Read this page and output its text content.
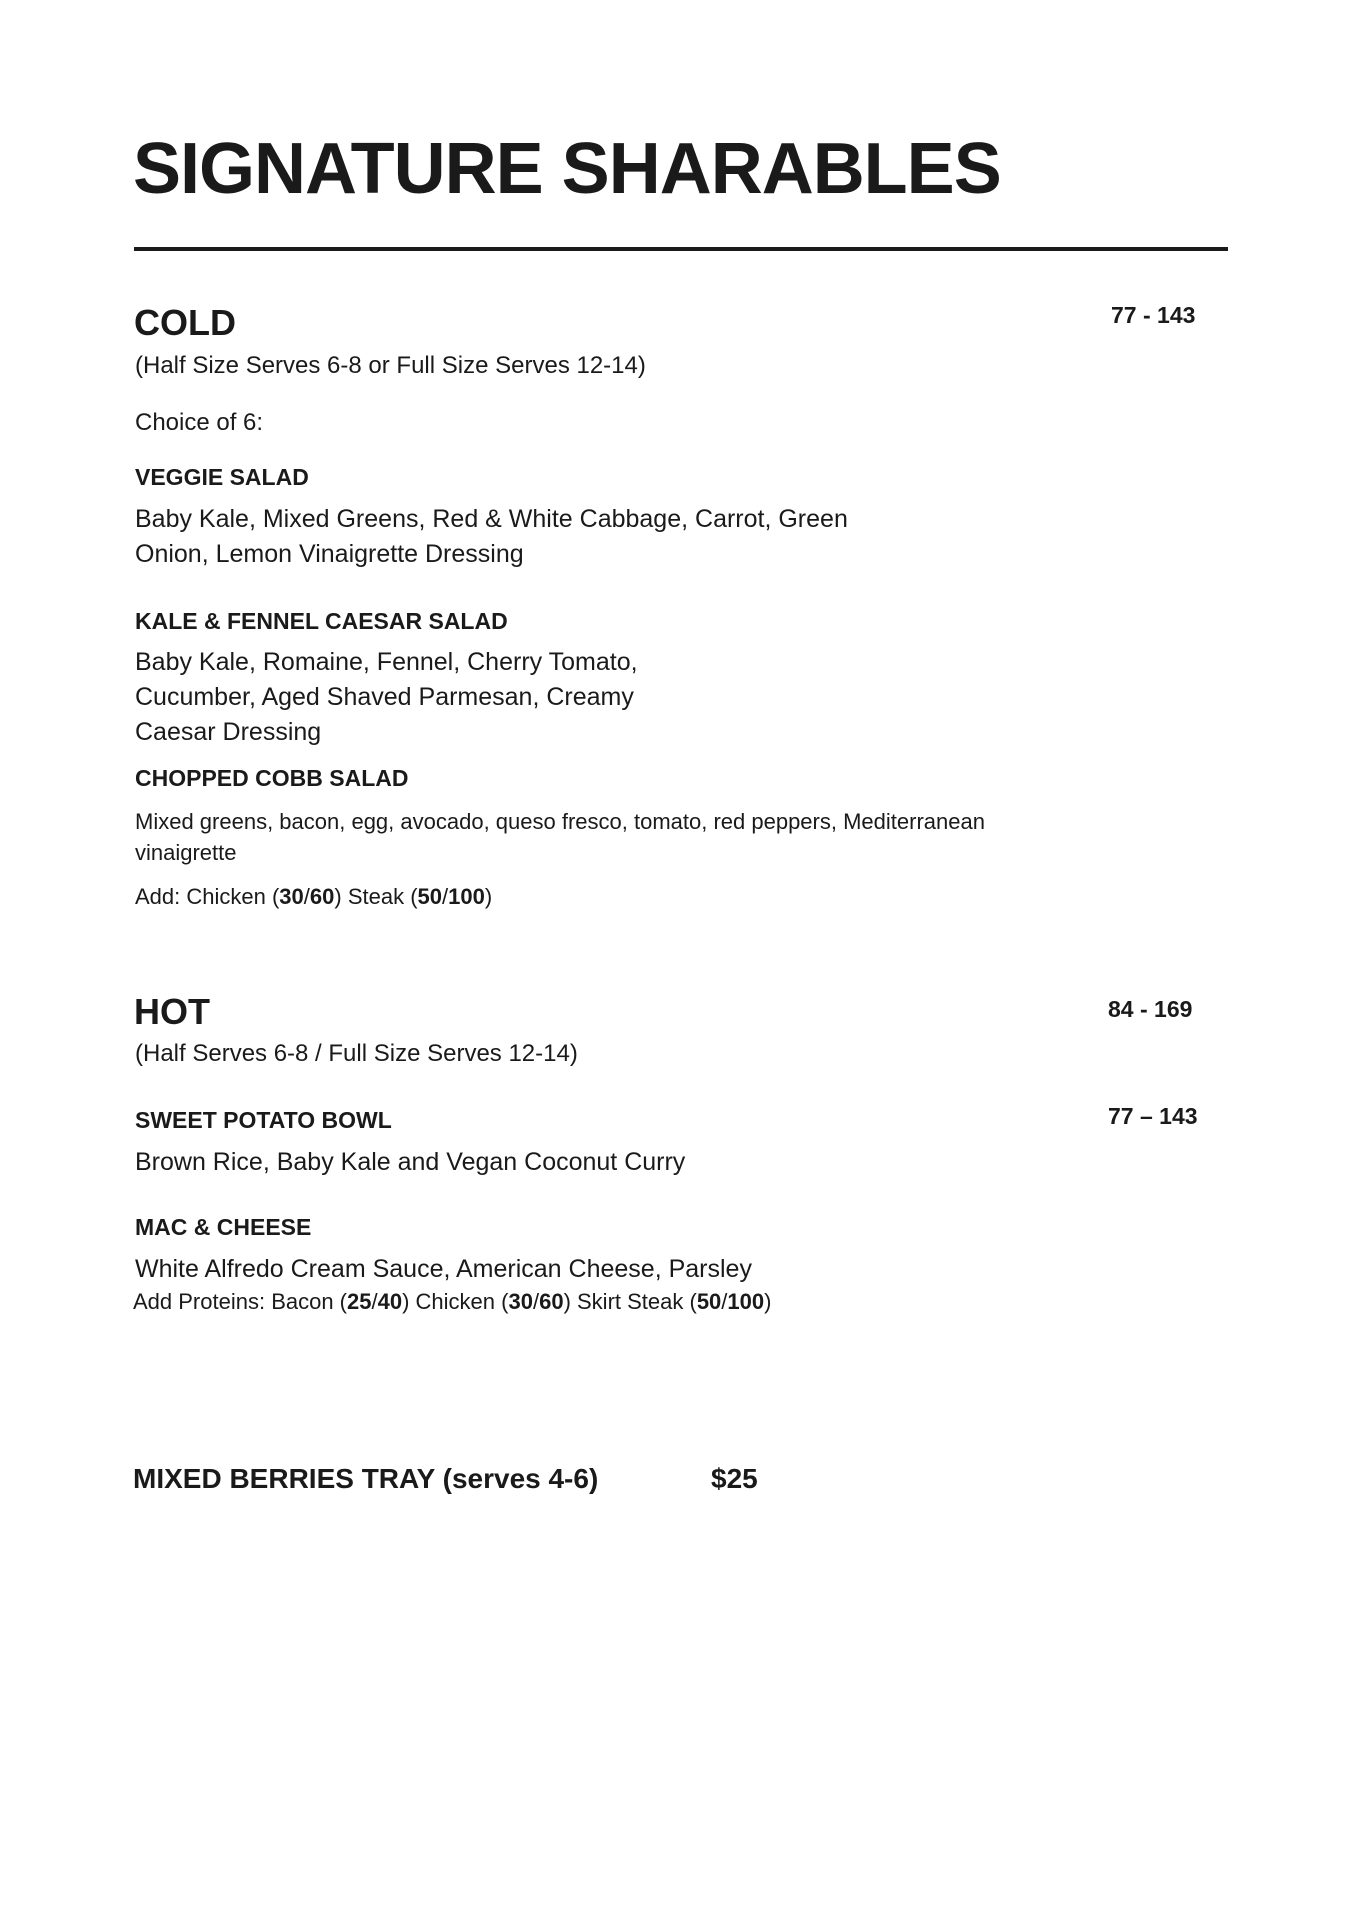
SIGNATURE SHARABLES
COLD	77 - 143
(Half Size Serves 6-8 or Full Size Serves 12-14)
Choice of 6:
VEGGIE SALAD
Baby Kale, Mixed Greens, Red & White Cabbage, Carrot, Green Onion, Lemon Vinaigrette Dressing
KALE & FENNEL CAESAR SALAD
Baby Kale, Romaine, Fennel, Cherry Tomato, Cucumber, Aged Shaved Parmesan, Creamy Caesar Dressing
CHOPPED COBB SALAD
Mixed greens, bacon, egg, avocado, queso fresco, tomato, red peppers, Mediterranean vinaigrette
Add: Chicken (30/60) Steak (50/100)
HOT	84 - 169
(Half Serves 6-8 / Full Size Serves 12-14)
SWEET POTATO BOWL	77 – 143
Brown Rice, Baby Kale and Vegan Coconut Curry
MAC & CHEESE
White Alfredo Cream Sauce, American Cheese, Parsley
Add Proteins: Bacon (25/40) Chicken (30/60) Skirt Steak (50/100)
MIXED BERRIES TRAY (serves 4-6)	$25
